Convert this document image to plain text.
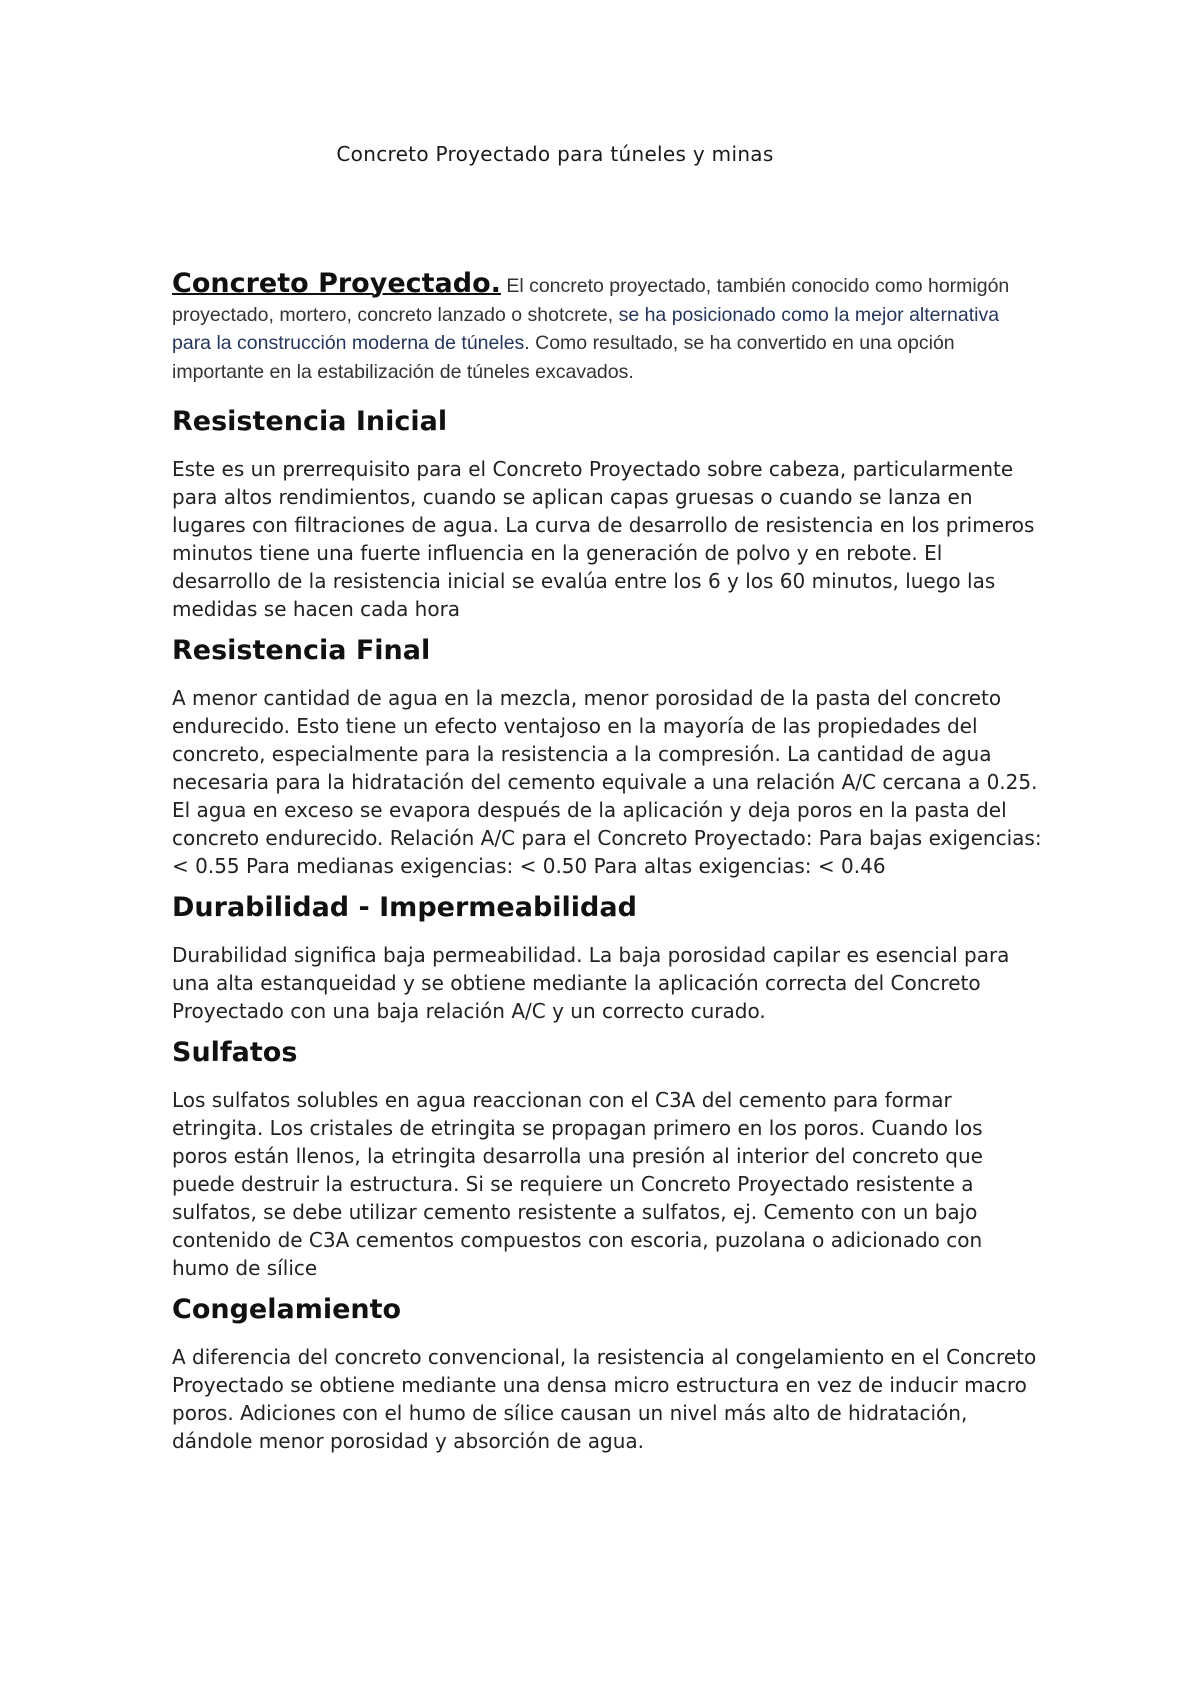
Concreto Proyectado para túneles y minas

Concreto Proyectado. El concreto proyectado, también conocido como hormigón proyectado, mortero, concreto lanzado o shotcrete, se ha posicionado como la mejor alternativa para la construcción moderna de túneles. Como resultado, se ha convertido en una opción importante en la estabilización de túneles excavados.

Resistencia Inicial

Este es un prerrequisito para el Concreto Proyectado sobre cabeza, particularmente para altos rendimientos, cuando se aplican capas gruesas o cuando se lanza en lugares con filtraciones de agua. La curva de desarrollo de resistencia en los primeros minutos tiene una fuerte influencia en la generación de polvo y en rebote. El desarrollo de la resistencia inicial se evalúa entre los 6 y los 60 minutos, luego las medidas se hacen cada hora

Resistencia Final

A menor cantidad de agua en la mezcla, menor porosidad de la pasta del concreto endurecido. Esto tiene un efecto ventajoso en la mayoría de las propiedades del concreto, especialmente para la resistencia a la compresión. La cantidad de agua necesaria para la hidratación del cemento equivale a una relación A/C cercana a 0.25. El agua en exceso se evapora después de la aplicación y deja poros en la pasta del concreto endurecido. Relación A/C para el Concreto Proyectado: Para bajas exigencias: < 0.55 Para medianas exigencias: < 0.50 Para altas exigencias: < 0.46

Durabilidad - Impermeabilidad

Durabilidad significa baja permeabilidad. La baja porosidad capilar es esencial para una alta estanqueidad y se obtiene mediante la aplicación correcta del Concreto Proyectado con una baja relación A/C y un correcto curado.

Sulfatos

Los sulfatos solubles en agua reaccionan con el C3A del cemento para formar etringita. Los cristales de etringita se propagan primero en los poros. Cuando los poros están llenos, la etringita desarrolla una presión al interior del concreto que puede destruir la estructura. Si se requiere un Concreto Proyectado resistente a sulfatos, se debe utilizar cemento resistente a sulfatos, ej. Cemento con un bajo contenido de C3A cementos compuestos con escoria, puzolana o adicionado con humo de sílice

Congelamiento

A diferencia del concreto convencional, la resistencia al congelamiento en el Concreto Proyectado se obtiene mediante una densa micro estructura en vez de inducir macro poros. Adiciones con el humo de sílice causan un nivel más alto de hidratación, dándole menor porosidad y absorción de agua.
